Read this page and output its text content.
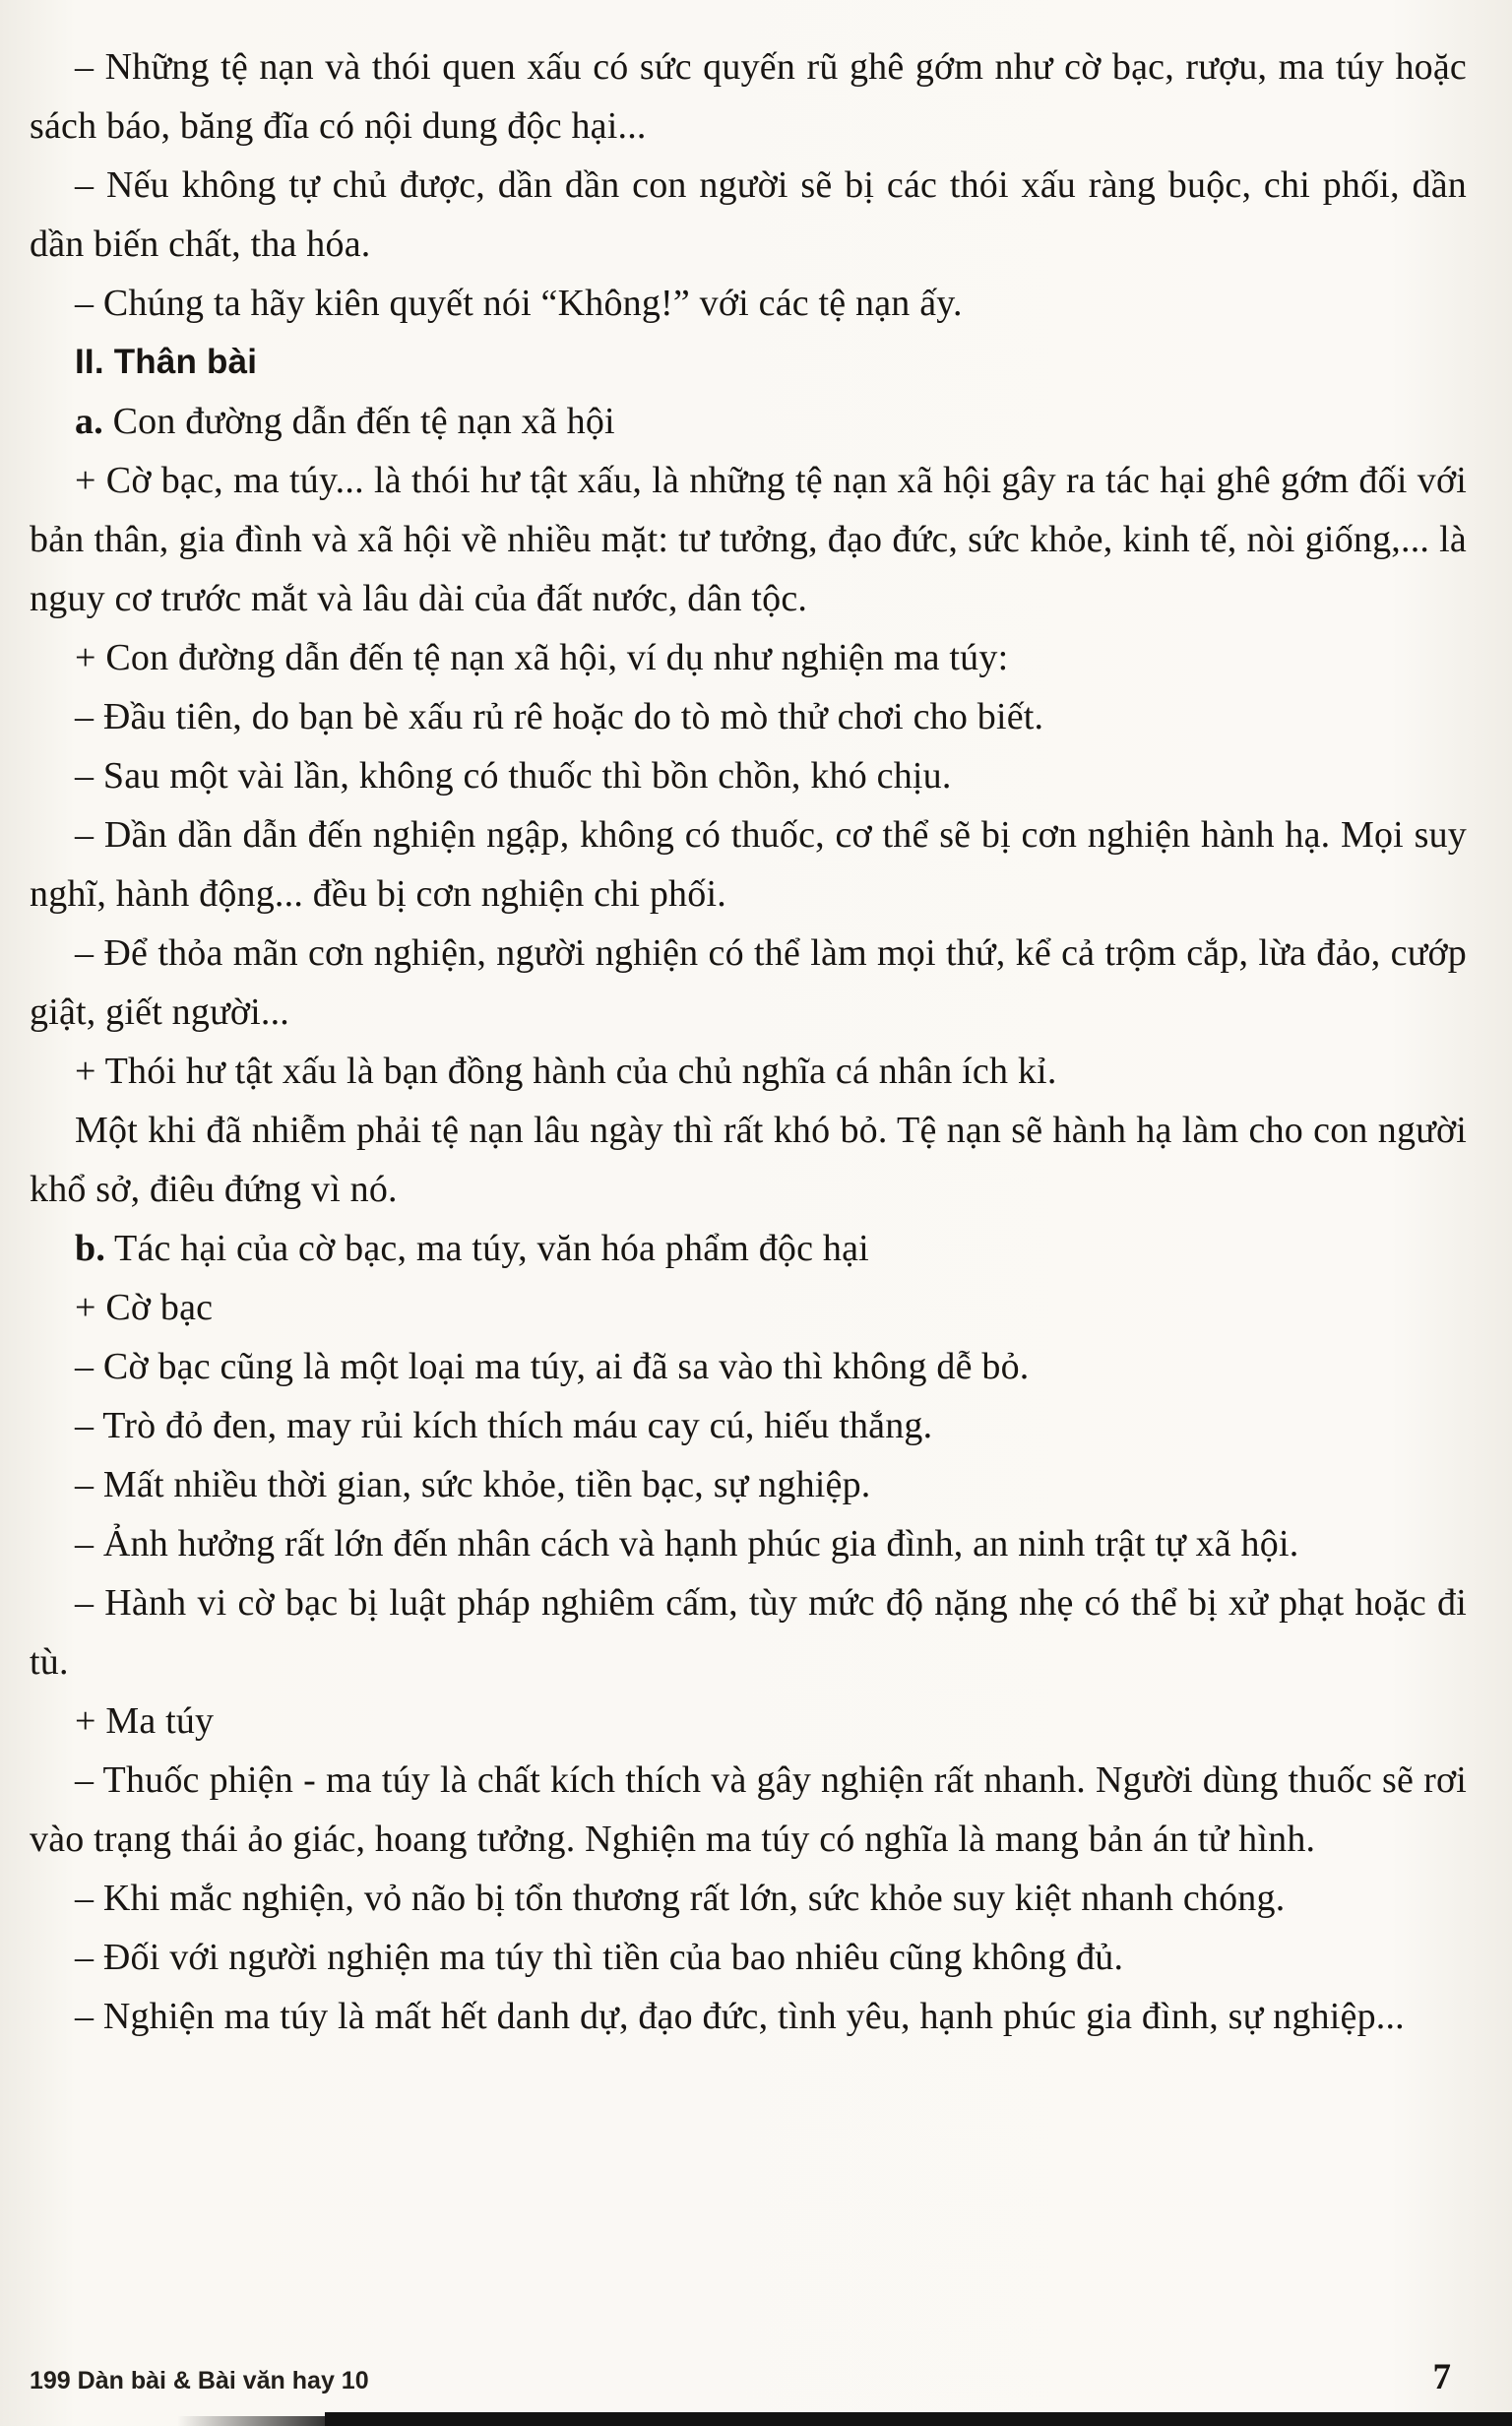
– Những tệ nạn và thói quen xấu có sức quyến rũ ghê gớm như cờ bạc, rượu, ma túy hoặc sách báo, băng đĩa có nội dung độc hại...

– Nếu không tự chủ được, dần dần con người sẽ bị các thói xấu ràng buộc, chi phối, dần dần biến chất, tha hóa.

– Chúng ta hãy kiên quyết nói “Không!” với các tệ nạn ấy.

II. Thân bài

a. Con đường dẫn đến tệ nạn xã hội

+ Cờ bạc, ma túy... là thói hư tật xấu, là những tệ nạn xã hội gây ra tác hại ghê gớm đối với bản thân, gia đình và xã hội về nhiều mặt: tư tưởng, đạo đức, sức khỏe, kinh tế, nòi giống,... là nguy cơ trước mắt và lâu dài của đất nước, dân tộc.

+ Con đường dẫn đến tệ nạn xã hội, ví dụ như nghiện ma túy:

– Đầu tiên, do bạn bè xấu rủ rê hoặc do tò mò thử chơi cho biết.

– Sau một vài lần, không có thuốc thì bồn chồn, khó chịu.

– Dần dần dẫn đến nghiện ngập, không có thuốc, cơ thể sẽ bị cơn nghiện hành hạ. Mọi suy nghĩ, hành động... đều bị cơn nghiện chi phối.

– Để thỏa mãn cơn nghiện, người nghiện có thể làm mọi thứ, kể cả trộm cắp, lừa đảo, cướp giật, giết người...

+ Thói hư tật xấu là bạn đồng hành của chủ nghĩa cá nhân ích kỉ.

Một khi đã nhiễm phải tệ nạn lâu ngày thì rất khó bỏ. Tệ nạn sẽ hành hạ làm cho con người khổ sở, điêu đứng vì nó.

b. Tác hại của cờ bạc, ma túy, văn hóa phẩm độc hại

+ Cờ bạc

– Cờ bạc cũng là một loại ma túy, ai đã sa vào thì không dễ bỏ.

– Trò đỏ đen, may rủi kích thích máu cay cú, hiếu thắng.

– Mất nhiều thời gian, sức khỏe, tiền bạc, sự nghiệp.

– Ảnh hưởng rất lớn đến nhân cách và hạnh phúc gia đình, an ninh trật tự xã hội.

– Hành vi cờ bạc bị luật pháp nghiêm cấm, tùy mức độ nặng nhẹ có thể bị xử phạt hoặc đi tù.

+ Ma túy

– Thuốc phiện - ma túy là chất kích thích và gây nghiện rất nhanh. Người dùng thuốc sẽ rơi vào trạng thái ảo giác, hoang tưởng. Nghiện ma túy có nghĩa là mang bản án tử hình.

– Khi mắc nghiện, vỏ não bị tổn thương rất lớn, sức khỏe suy kiệt nhanh chóng.

– Đối với người nghiện ma túy thì tiền của bao nhiêu cũng không đủ.

– Nghiện ma túy là mất hết danh dự, đạo đức, tình yêu, hạnh phúc gia đình, sự nghiệp...

199 Dàn bài & Bài văn hay 10	7
